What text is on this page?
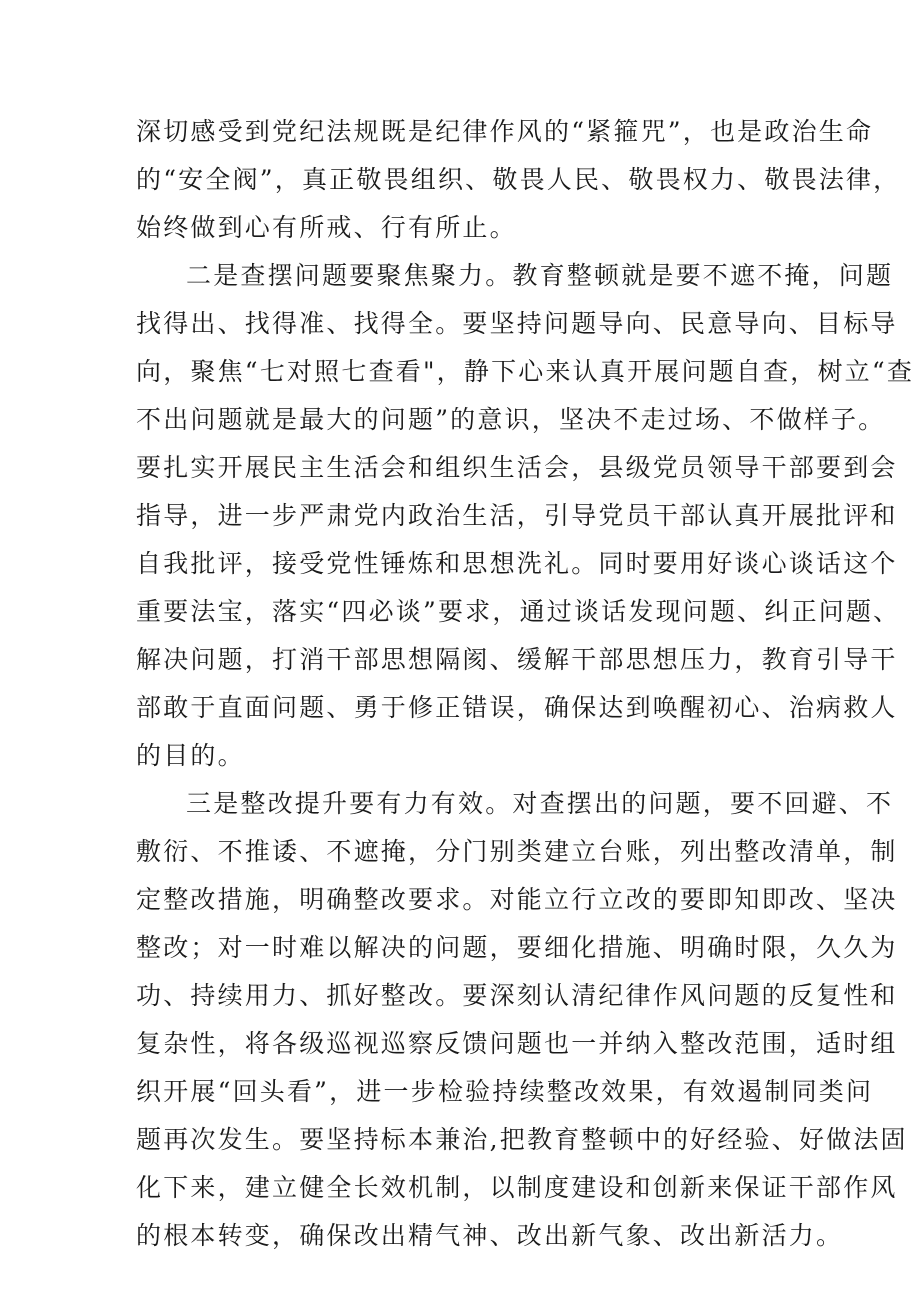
深切感受到党纪法规既是纪律作风的“紧箍咒”，也是政治生命
的“安全阀”，真正敬畏组织、敬畏人民、敬畏权力、敬畏法律，
始终做到心有所戒、行有所止。
二是查摆问题要聚焦聚力。教育整顿就是要不遮不掩，问题
找得出、找得准、找得全。要坚持问题导向、民意导向、目标导
向，聚焦“七对照七查看"，静下心来认真开展问题自查，树立“查
不出问题就是最大的问题”的意识，坚决不走过场、不做样子。
要扎实开展民主生活会和组织生活会，县级党员领导干部要到会
指导，进一步严肃党内政治生活，引导党员干部认真开展批评和
自我批评，接受党性锤炼和思想洗礼。同时要用好谈心谈话这个
重要法宝，落实“四必谈”要求，通过谈话发现问题、纠正问题、
解决问题，打消干部思想隔阂、缓解干部思想压力，教育引导干
部敢于直面问题、勇于修正错误，确保达到唤醒初心、治病救人
的目的。
三是整改提升要有力有效。对查摆出的问题，要不回避、不
敷衍、不推诿、不遮掩，分门别类建立台账，列出整改清单，制
定整改措施，明确整改要求。对能立行立改的要即知即改、坚决
整改；对一时难以解决的问题，要细化措施、明确时限，久久为
功、持续用力、抓好整改。要深刻认清纪律作风问题的反复性和
复杂性，将各级巡视巡察反馈问题也一并纳入整改范围，适时组
织开展“回头看”，进一步检验持续整改效果，有效遏制同类问
题再次发生。要坚持标本兼治,把教育整顿中的好经验、好做法固
化下来，建立健全长效机制，以制度建设和创新来保证干部作风
的根本转变，确保改出精气神、改出新气象、改出新活力。
